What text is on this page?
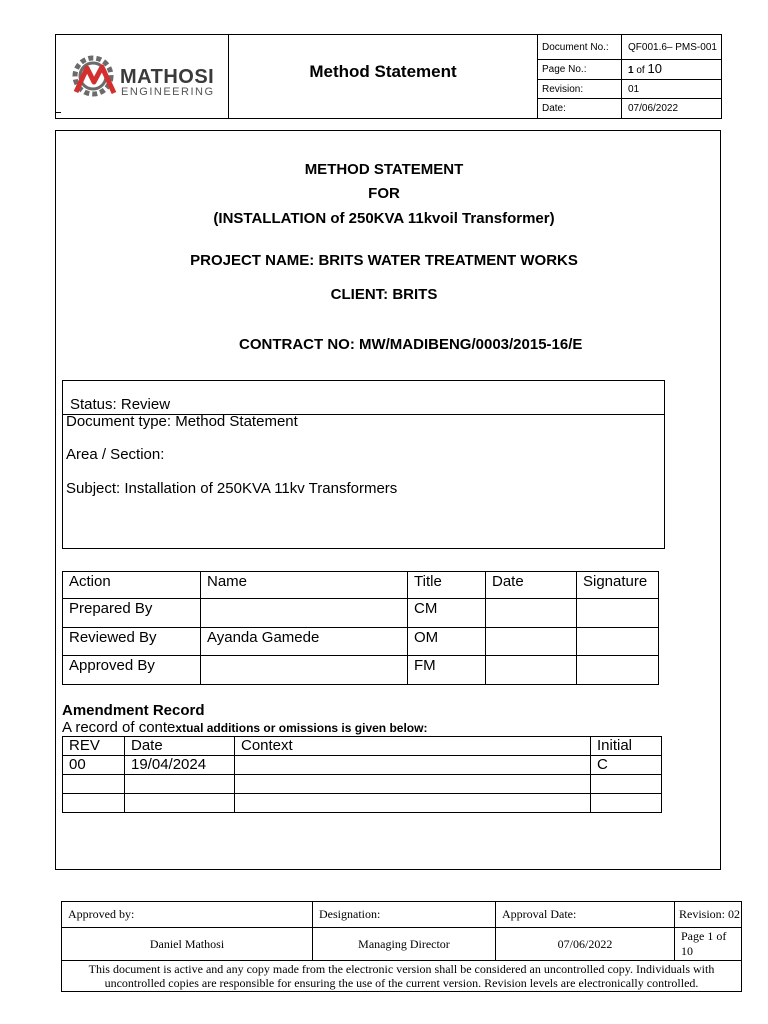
MATHOSI
ENGINEERING	Method Statement	Document No.:	QF001.6– PMS-001
		Page No.:	1 of 10
		Revision:	01
		Date:	07/06/2022
METHOD STATEMENT
FOR
(INSTALLATION of 250KVA 11kvoil Transformer)
PROJECT NAME: BRITS WATER TREATMENT WORKS
CLIENT: BRITS
CONTRACT NO: MW/MADIBENG/0003/2015-16/E
Status: Review
Document type: Method Statement
Area / Section:
Subject: Installation of 250KVA 11kv Transformers
Action	Name	Title	Date	Signature
Prepared By		CM		
Reviewed By	Ayanda Gamede	OM		
Approved By		FM		
Amendment Record
A record of contextual additions or omissions is given below:
REV	Date	Context	Initial
00	19/04/2024		C

Approved by:	Designation:	Approval Date:	Revision: 02
Daniel Mathosi	Managing Director	07/06/2022	Page 1 of 10
This document is active and any copy made from the electronic version shall be considered an uncontrolled copy. Individuals with uncontrolled copies are responsible for ensuring the use of the current version. Revision levels are electronically controlled.			
